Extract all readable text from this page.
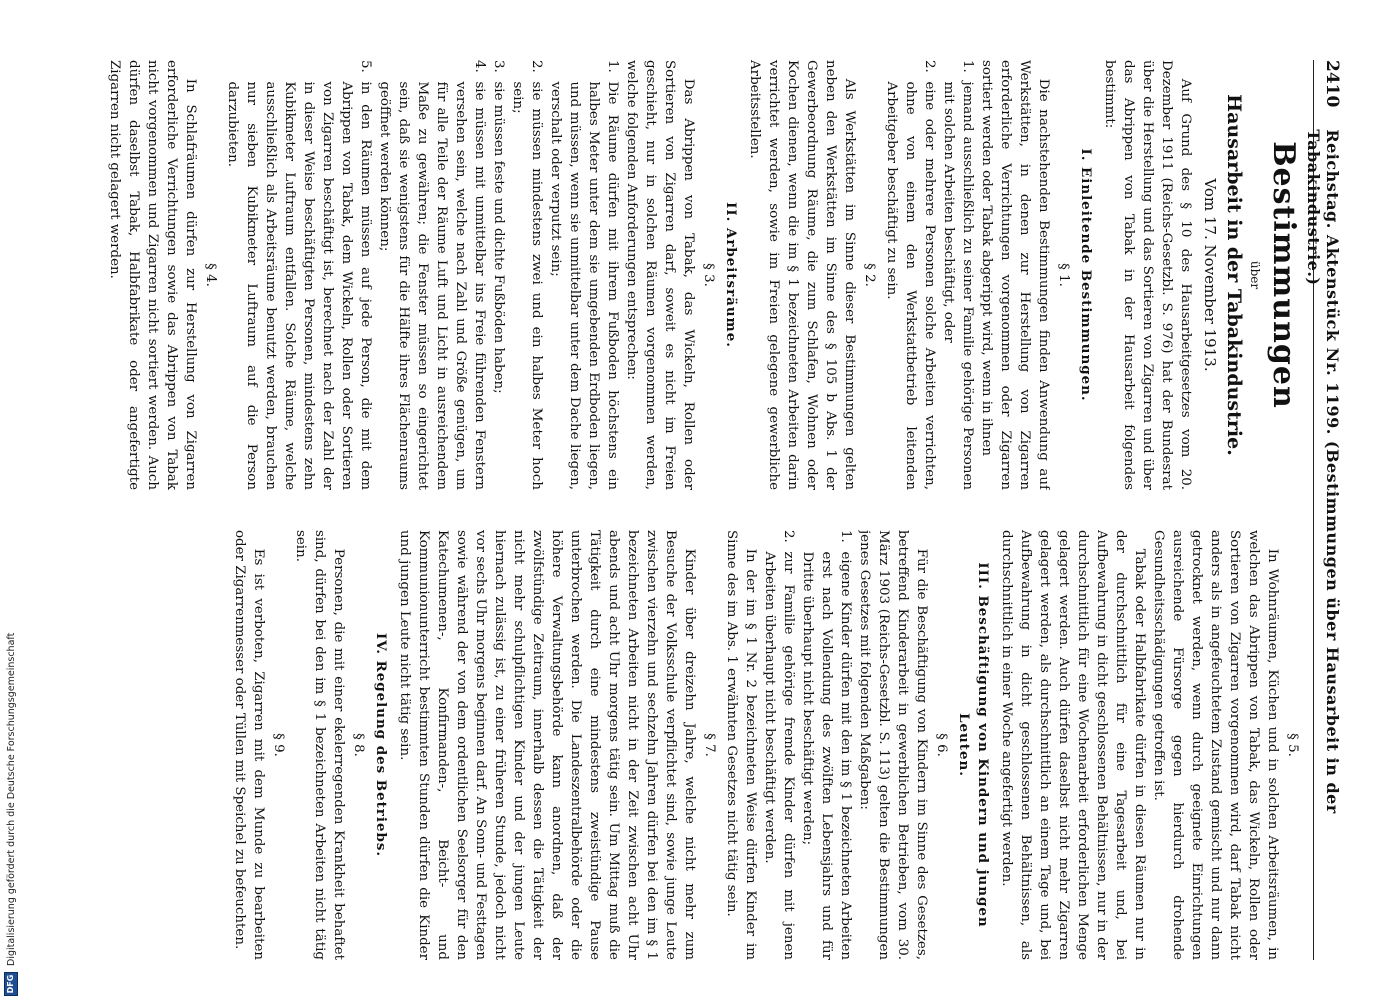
2410
Reichstag. Aktenstück Nr. 1199. (Bestimmungen über Hausarbeit in der Tabakindustrie.)
Bestimmungen
über
Hausarbeit in der Tabakindustrie.
Vom 17. November 1913.

Auf Grund des § 10 des Hausarbeitgesetzes vom 20. Dezember 1911 (Reichs-Gesetzbl. S. 976) hat der Bundesrat über die Herstellung und das Sortieren von Zigarren und über das Abrippen von Tabak in der Hausarbeit folgendes bestimmt:

I. Einleitende Bestimmungen.
§ 1.

Die nachstehenden Bestimmungen finden Anwendung auf Werkstätten, in denen zur Herstellung von Zigarren erforderliche Verrichtungen vorgenommen oder Zigarren sortiert werden oder Tabak abgerippt wird, wenn in ihnen

1.
jemand ausschließlich zu seiner Familie gehörige Personen mit solchen Arbeiten beschäftigt, oder

2.
eine oder mehrere Personen solche Arbeiten verrichten, ohne von einem den Werkstattbetrieb leitenden Arbeitgeber beschäftigt zu sein.

§ 2.

Als Werkstätten im Sinne dieser Bestimmungen gelten neben den Werkstätten im Sinne des § 105 b Abs. 1 der Gewerbeordnung Räume, die zum Schlafen, Wohnen oder Kochen dienen, wenn die im § 1 bezeichneten Arbeiten darin verrichtet werden, sowie im Freien gelegene gewerbliche Arbeitsstellen.

II. Arbeitsräume.
§ 3.

Das Abrippen von Tabak, das Wickeln, Rollen oder Sortieren von Zigarren darf, soweit es nicht im Freien geschieht, nur in solchen Räumen vorgenommen werden, welche folgenden Anforderungen entsprechen:

1.
Die Räume dürfen mit ihrem Fußboden höchstens ein halbes Meter unter dem sie umgebenden Erdboden liegen, und müssen, wenn sie unmittelbar unter dem Dache liegen, verschalt oder verputzt sein;

2.
sie müssen mindestens zwei und ein halbes Meter hoch sein;

3.
sie müssen feste und dichte Fußböden haben;

4.
sie müssen mit unmittelbar ins Freie führenden Fenstern versehen sein, welche nach Zahl und Größe genügen, um für alle Teile der Räume Luft und Licht in ausreichendem Maße zu gewähren; die Fenster müssen so eingerichtet sein, daß sie wenigstens für die Hälfte ihres Flächenraums geöffnet werden können;

5.
in den Räumen müssen auf jede Person, die mit dem Abrippen von Tabak, dem Wickeln, Rollen oder Sortieren von Zigarren beschäftigt ist, berechnet nach der Zahl der in dieser Weise beschäftigten Personen, mindestens zehn Kubikmeter Luftraum entfallen. Solche Räume, welche ausschließlich als Arbeitsräume benutzt werden, brauchen nur sieben Kubikmeter Luftraum auf die Person darzubieten.

§ 4.

In Schlafräumen dürfen zur Herstellung von Zigarren erforderliche Verrichtungen sowie das Abrippen von Tabak nicht vorgenommen und Zigarren nicht sortiert werden. Auch dürfen daselbst Tabak, Halbfabrikate oder angefertigte Zigarren nicht gelagert werden.

§ 5.

In Wohnräumen, Küchen und in solchen Arbeitsräumen, in welchen das Abrippen von Tabak, das Wickeln, Rollen oder Sortieren von Zigarren vorgenommen wird, darf Tabak nicht anders als in angefeuchtetem Zustand gemischt und nur dann getrocknet werden, wenn durch geeignete Einrichtungen ausreichende Fürsorge gegen hierdurch drohende Gesundheitsschädigungen getroffen ist.

Tabak oder Halbfabrikate dürfen in diesen Räumen nur in der durchschnittlich für eine Tagesarbeit und, bei Aufbewahrung in dicht geschlossenen Behältnissen, nur in der durchschnittlich für eine Wochenarbeit erforderlichen Menge gelagert werden. Auch dürfen daselbst nicht mehr Zigarren gelagert werden, als durchschnittlich an einem Tage und, bei Aufbewahrung in dicht geschlossenen Behältnissen, als durchschnittlich in einer Woche angefertigt werden.

III. Beschäftigung von Kindern und jungen Leuten.
§ 6.

Für die Beschäftigung von Kindern im Sinne des Gesetzes, betreffend Kinderarbeit in gewerblichen Betrieben, vom 30. März 1903 (Reichs-Gesetzbl. S. 113) gelten die Bestimmungen jenes Gesetzes mit folgenden Maßgaben:

1.
eigene Kinder dürfen mit den im § 1 bezeichneten Arbeiten erst nach Vollendung des zwölften Lebensjahrs und für Dritte überhaupt nicht beschäftigt werden;

2.
zur Familie gehörige fremde Kinder dürfen mit jenen Arbeiten überhaupt nicht beschäftigt werden.

In der im § 1 Nr. 2 bezeichneten Weise dürfen Kinder im Sinne des im Abs. 1 erwähnten Gesetzes nicht tätig sein.

§ 7.

Kinder über dreizehn Jahre, welche nicht mehr zum Besuche der Volksschule verpflichtet sind, sowie junge Leute zwischen vierzehn und sechzehn Jahren dürfen bei den im § 1 bezeichneten Arbeiten nicht in der Zeit zwischen acht Uhr abends und acht Uhr morgens tätig sein. Um Mittag muß die Tätigkeit durch eine mindestens zweistündige Pause unterbrochen werden. Die Landeszentralbehörde oder die höhere Verwaltungsbehörde kann anordnen, daß der zwölfstündige Zeitraum, innerhalb dessen die Tätigkeit der nicht mehr schulpflichtigen Kinder und der jungen Leute hiernach zulässig ist, zu einer früheren Stunde, jedoch nicht vor sechs Uhr morgens beginnen darf. An Sonn- und Festtagen sowie während der von dem ordentlichen Seelsorger für den Katechumenen-, Konfirmanden-, Beicht- und Kommunionunterricht bestimmten Stunden dürfen die Kinder und jungen Leute nicht tätig sein.

IV. Regelung des Betriebs.
§ 8.

Personen, die mit einer ekelerregenden Krankheit behaftet sind, dürfen bei den im § 1 bezeichneten Arbeiten nicht tätig sein.

§ 9.

Es ist verboten, Zigarren mit dem Munde zu bearbeiten oder Zigarrenmesser oder Tüllen mit Speichel zu befeuchten.

DFG
Digitalisierung gefördert durch die Deutsche Forschungsgemeinschaft
